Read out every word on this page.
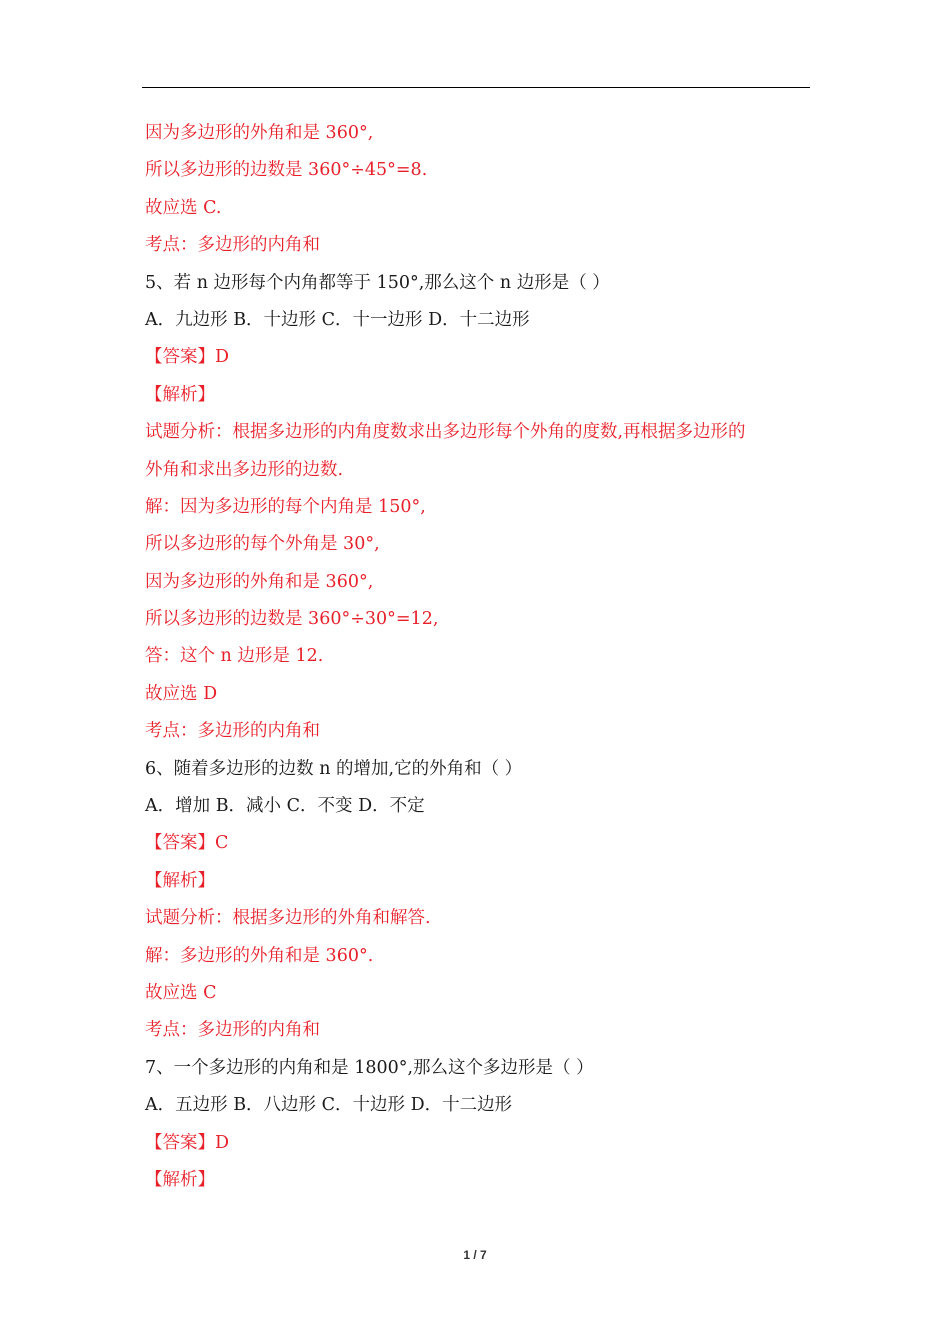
因为多边形的外角和是 360°,
所以多边形的边数是 360°÷45°=8.
故应选 C.
考点：多边形的内角和
5、若 n 边形每个内角都等于 150°,那么这个 n 边形是（ ）
A．九边形 B．十边形 C．十一边形 D．十二边形
【答案】D
【解析】
试题分析：根据多边形的内角度数求出多边形每个外角的度数,再根据多边形的
外角和求出多边形的边数.
解：因为多边形的每个内角是 150°,
所以多边形的每个外角是 30°,
因为多边形的外角和是 360°,
所以多边形的边数是 360°÷30°=12,
答：这个 n 边形是 12.
故应选 D
考点：多边形的内角和
6、随着多边形的边数 n 的增加,它的外角和（ ）
A．增加 B．减小 C．不变 D．不定
【答案】C
【解析】
试题分析：根据多边形的外角和解答.
解：多边形的外角和是 360°.
故应选 C
考点：多边形的内角和
7、一个多边形的内角和是 1800°,那么这个多边形是（ ）
A．五边形 B．八边形 C．十边形 D．十二边形
【答案】D
【解析】
1 / 7
